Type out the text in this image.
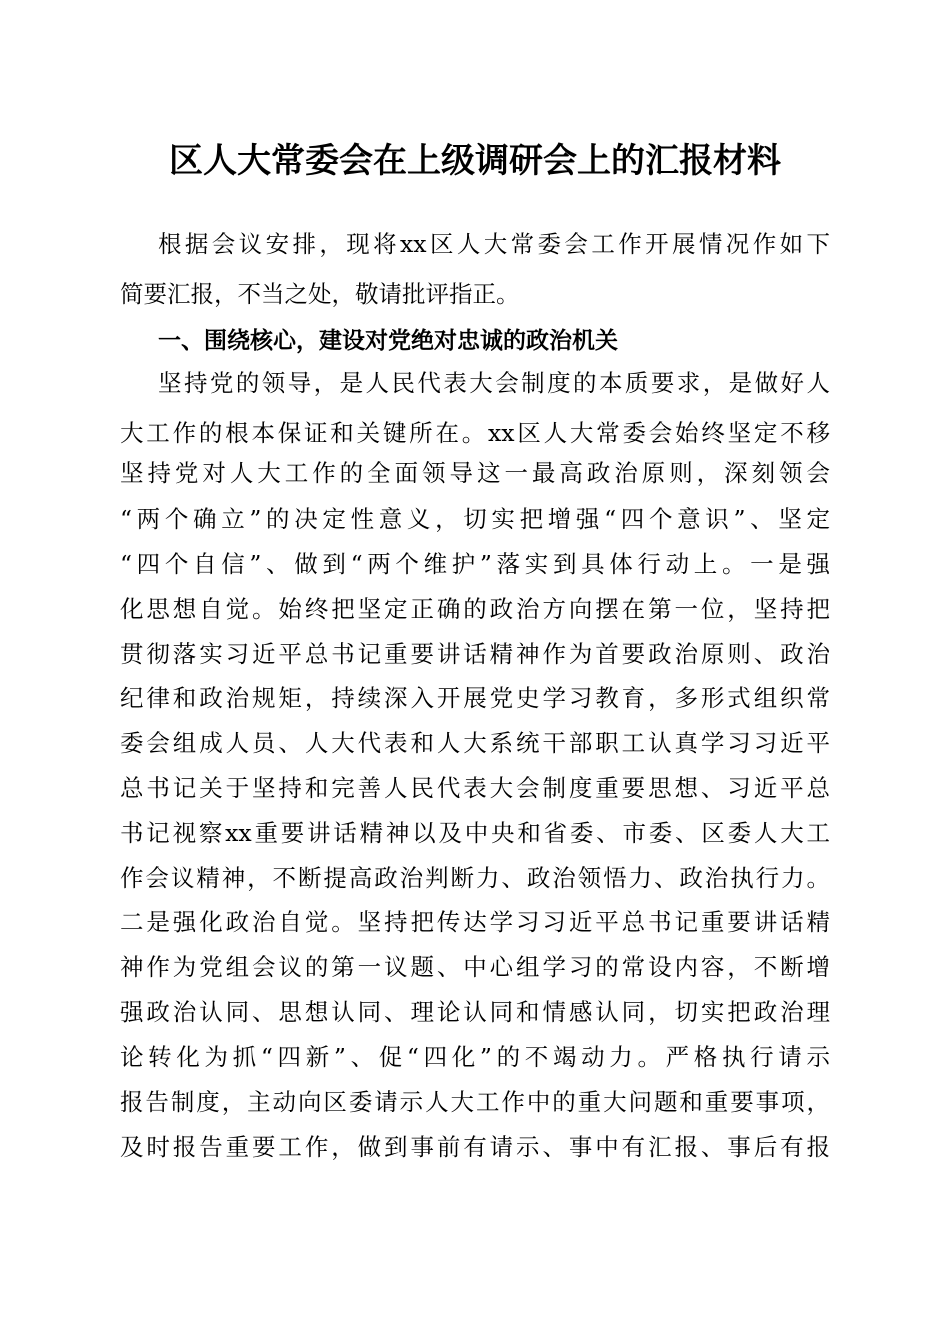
区人大常委会在上级调研会上的汇报材料
根据会议安排，现将xx区人大常委会工作开展情况作如下
简要汇报，不当之处，敬请批评指正。
一、围绕核心，建设对党绝对忠诚的政治机关
坚持党的领导，是人民代表大会制度的本质要求，是做好人
大工作的根本保证和关键所在。xx区人大常委会始终坚定不移
坚持党对人大工作的全面领导这一最高政治原则，深刻领会
“两个确立”的决定性意义，切实把增强“四个意识”、坚定
“四个自信”、做到“两个维护”落实到具体行动上。一是强
化思想自觉。始终把坚定正确的政治方向摆在第一位，坚持把
贯彻落实习近平总书记重要讲话精神作为首要政治原则、政治
纪律和政治规矩，持续深入开展党史学习教育，多形式组织常
委会组成人员、人大代表和人大系统干部职工认真学习习近平
总书记关于坚持和完善人民代表大会制度重要思想、习近平总
书记视察xx重要讲话精神以及中央和省委、市委、区委人大工
作会议精神，不断提高政治判断力、政治领悟力、政治执行力。
二是强化政治自觉。坚持把传达学习习近平总书记重要讲话精
神作为党组会议的第一议题、中心组学习的常设内容，不断增
强政治认同、思想认同、理论认同和情感认同，切实把政治理
论转化为抓“四新”、促“四化”的不竭动力。严格执行请示
报告制度，主动向区委请示人大工作中的重大问题和重要事项，
及时报告重要工作，做到事前有请示、事中有汇报、事后有报
